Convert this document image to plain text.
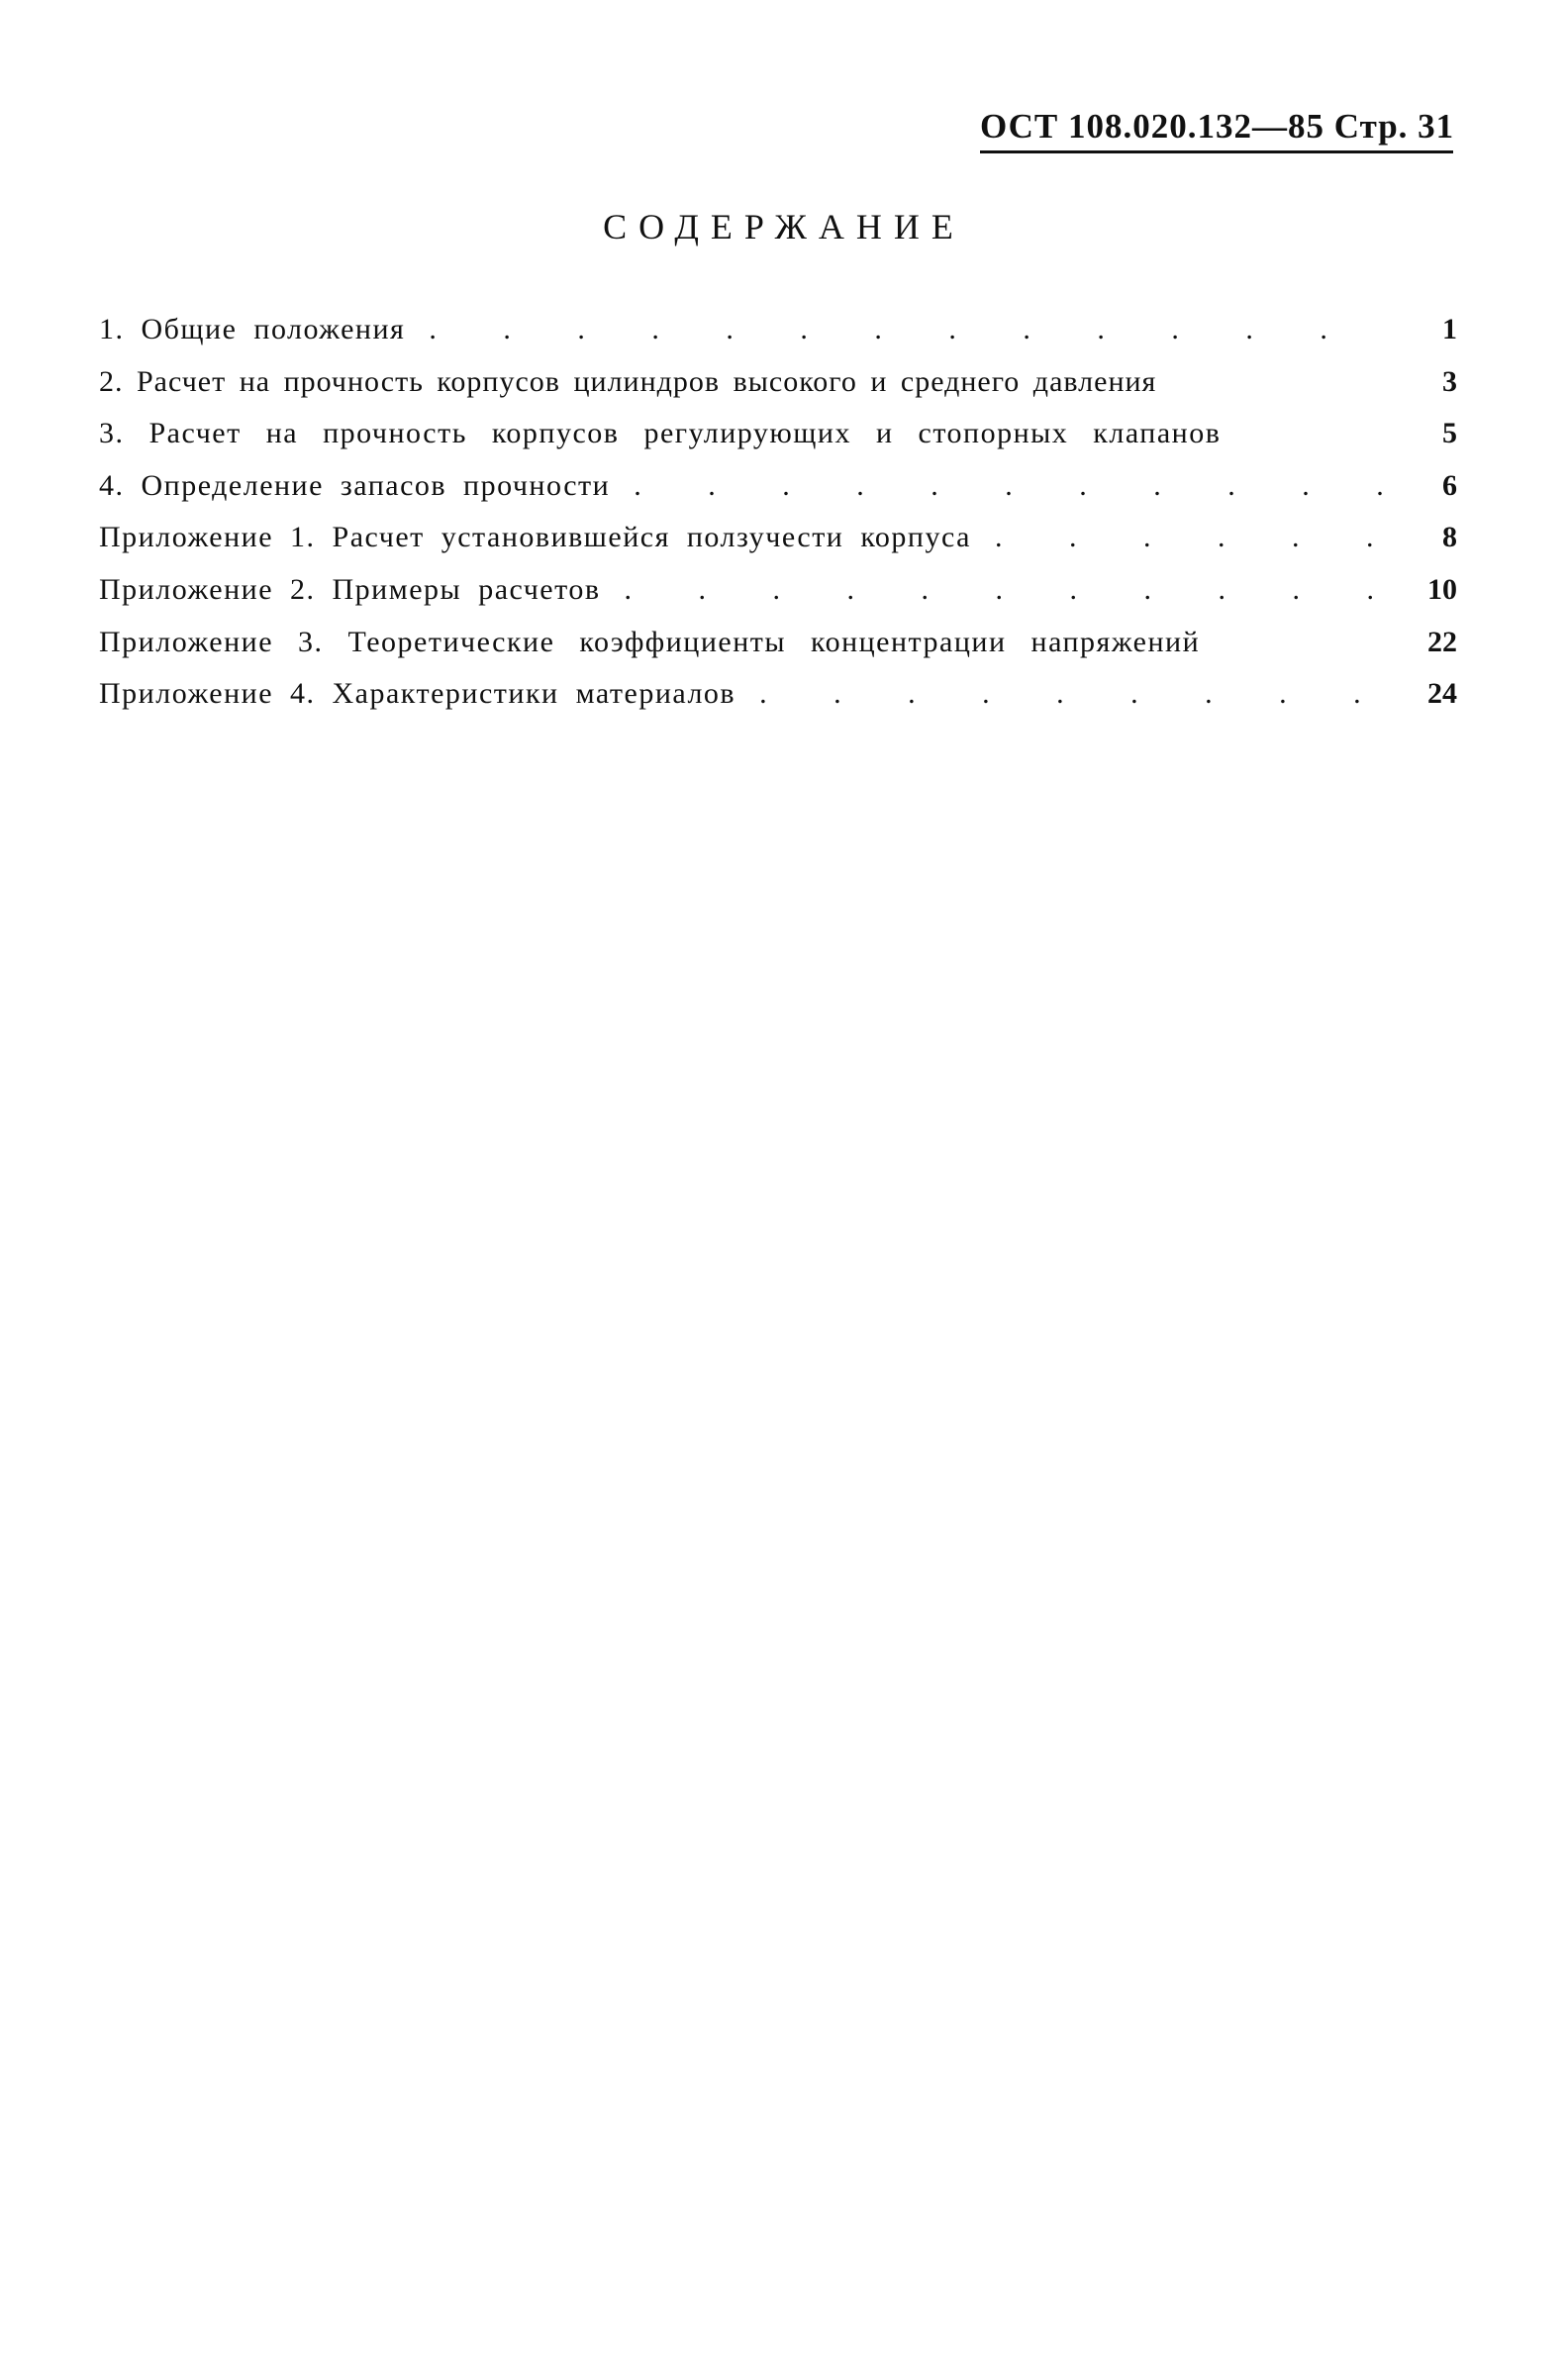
ОСТ 108.020.132—85 Стр. 31
СОДЕРЖАНИЕ
1. Общие положения . . .	1
2. Расчет на прочность корпусов цилиндров высокого и среднего давления	3
3. Расчет на прочность корпусов регулирующих и стопорных клапанов	5
4. Определение запасов прочности . . .	6
Приложение 1. Расчет установившейся ползучести корпуса . . .	8
Приложение 2. Примеры расчетов . . .	10
Приложение 3. Теоретические коэффициенты концентрации напряжений	22
Приложение 4. Характеристики материалов . . .	24
